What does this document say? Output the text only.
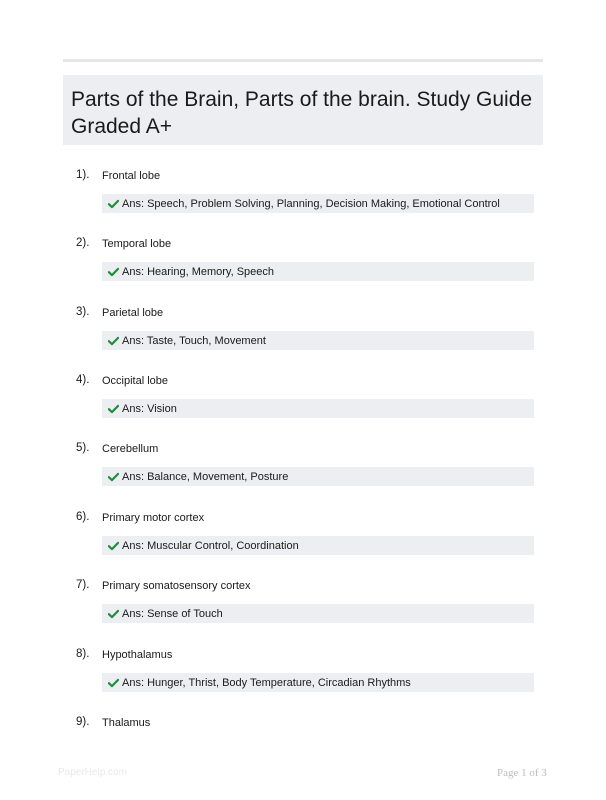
Parts of the Brain, Parts of the brain. Study Guide Graded A+
1). Frontal lobe
Ans: Speech, Problem Solving, Planning, Decision Making, Emotional Control
2). Temporal lobe
Ans: Hearing, Memory, Speech
3). Parietal lobe
Ans: Taste, Touch, Movement
4). Occipital lobe
Ans: Vision
5). Cerebellum
Ans: Balance, Movement, Posture
6). Primary motor cortex
Ans: Muscular Control, Coordination
7). Primary somatosensory cortex
Ans: Sense of Touch
8). Hypothalamus
Ans: Hunger, Thrist, Body Temperature, Circadian Rhythms
9). Thalamus
PaperHelp.com	Page 1 of 3
